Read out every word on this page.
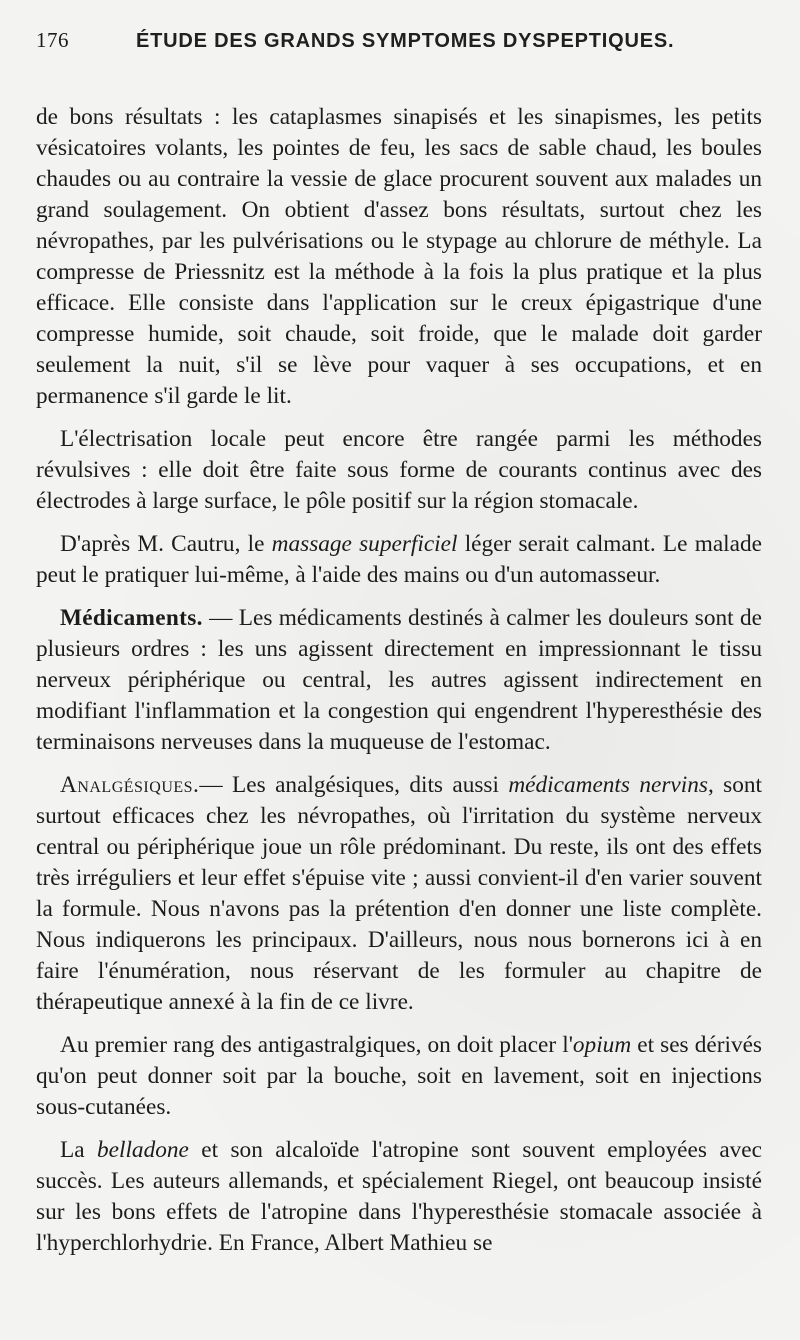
176	ÉTUDE DES GRANDS SYMPTOMES DYSPEPTIQUES.

de bons résultats : les cataplasmes sinapisés et les sinapismes, les petits vésicatoires volants, les pointes de feu, les sacs de sable chaud, les boules chaudes ou au contraire la vessie de glace procurent souvent aux malades un grand soulagement. On obtient d'assez bons résultats, surtout chez les névropathes, par les pulvérisations ou le stypage au chlorure de méthyle. La compresse de Priessnitz est la méthode à la fois la plus pratique et la plus efficace. Elle consiste dans l'application sur le creux épigastrique d'une compresse humide, soit chaude, soit froide, que le malade doit garder seulement la nuit, s'il se lève pour vaquer à ses occupations, et en permanence s'il garde le lit.

L'électrisation locale peut encore être rangée parmi les méthodes révulsives : elle doit être faite sous forme de courants continus avec des électrodes à large surface, le pôle positif sur la région stomacale.

D'après M. Cautru, le massage superficiel léger serait calmant. Le malade peut le pratiquer lui-même, à l'aide des mains ou d'un automasseur.

Médicaments. — Les médicaments destinés à calmer les douleurs sont de plusieurs ordres : les uns agissent directement en impressionnant le tissu nerveux périphérique ou central, les autres agissent indirectement en modifiant l'inflammation et la congestion qui engendrent l'hyperesthésie des terminaisons nerveuses dans la muqueuse de l'estomac.

Analgésiques.— Les analgésiques, dits aussi médicaments nervins, sont surtout efficaces chez les névropathes, où l'irritation du système nerveux central ou périphérique joue un rôle prédominant. Du reste, ils ont des effets très irréguliers et leur effet s'épuise vite ; aussi convient-il d'en varier souvent la formule. Nous n'avons pas la prétention d'en donner une liste complète. Nous indiquerons les principaux. D'ailleurs, nous nous bornerons ici à en faire l'énumération, nous réservant de les formuler au chapitre de thérapeutique annexé à la fin de ce livre.

Au premier rang des antigastralgiques, on doit placer l'opium et ses dérivés qu'on peut donner soit par la bouche, soit en lavement, soit en injections sous-cutanées.

La belladone et son alcaloïde l'atropine sont souvent employées avec succès. Les auteurs allemands, et spécialement Riegel, ont beaucoup insisté sur les bons effets de l'atropine dans l'hyperesthésie stomacale associée à l'hyperchlorhydrie. En France, Albert Mathieu se
